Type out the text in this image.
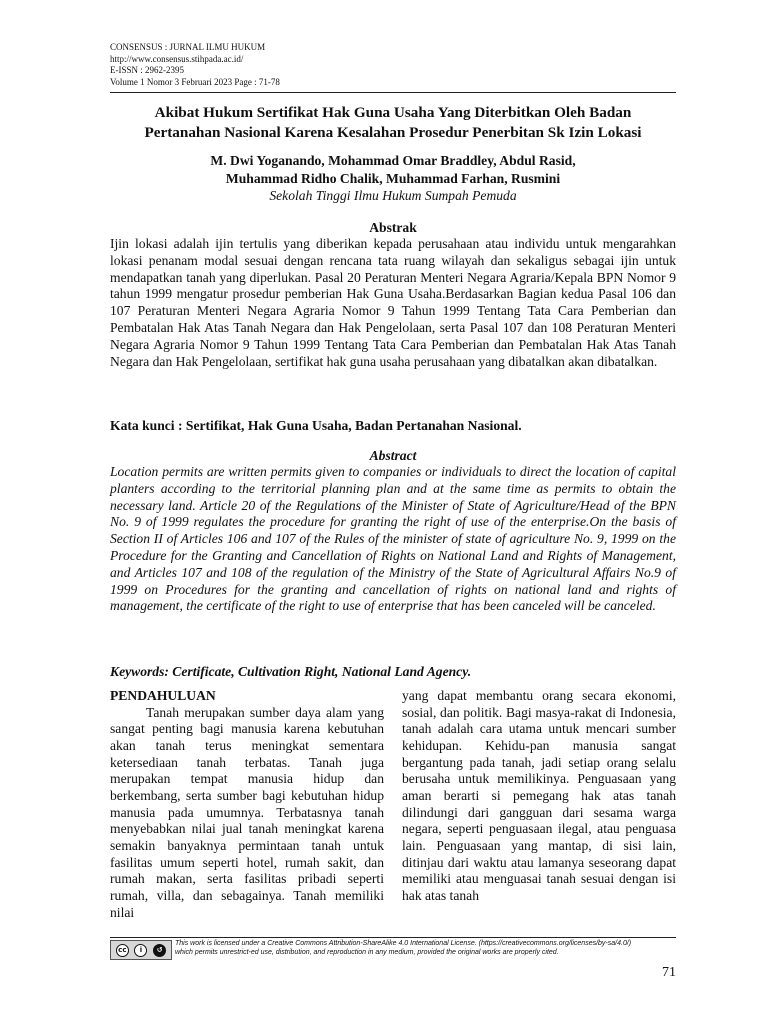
CONSENSUS : JURNAL ILMU HUKUM
http://www.consensus.stihpada.ac.id/
E-ISSN : 2962-2395
Volume 1 Nomor 3 Februari 2023 Page : 71-78
Akibat Hukum Sertifikat Hak Guna Usaha Yang Diterbitkan Oleh Badan
Pertanahan Nasional Karena Kesalahan Prosedur Penerbitan Sk Izin Lokasi
M. Dwi Yoganando, Mohammad Omar Braddley, Abdul Rasid,
Muhammad Ridho Chalik, Muhammad Farhan, Rusmini
Sekolah Tinggi Ilmu Hukum Sumpah Pemuda
Abstrak
Ijin lokasi adalah ijin tertulis yang diberikan kepada perusahaan atau individu untuk mengarahkan lokasi penanam modal sesuai dengan rencana tata ruang wilayah dan sekaligus sebagai ijin untuk mendapatkan tanah yang diperlukan. Pasal 20 Peraturan Menteri Negara Agraria/Kepala BPN Nomor 9 tahun 1999 mengatur prosedur pemberian Hak Guna Usaha.Berdasarkan Bagian kedua Pasal 106 dan 107 Peraturan Menteri Negara Agraria Nomor 9 Tahun 1999 Tentang Tata Cara Pemberian dan Pembatalan Hak Atas Tanah Negara dan Hak Pengelolaan, serta Pasal 107 dan 108 Peraturan Menteri Negara Agraria Nomor 9 Tahun 1999 Tentang Tata Cara Pemberian dan Pembatalan Hak Atas Tanah Negara dan Hak Pengelolaan, sertifikat hak guna usaha perusahaan yang dibatalkan akan dibatalkan.
Kata kunci : Sertifikat, Hak Guna Usaha, Badan Pertanahan Nasional.
Abstract
Location permits are written permits given to companies or individuals to direct the location of capital planters according to the territorial planning plan and at the same time as permits to obtain the necessary land. Article 20 of the Regulations of the Minister of State of Agriculture/Head of the BPN No. 9 of 1999 regulates the procedure for granting the right of use of the enterprise.On the basis of Section II of Articles 106 and 107 of the Rules of the minister of state of agriculture No. 9, 1999 on the Procedure for the Granting and Cancellation of Rights on National Land and Rights of Management, and Articles 107 and 108 of the regulation of the Ministry of the State of Agricultural Affairs No.9 of 1999 on Procedures for the granting and cancellation of rights on national land and rights of management, the certificate of the right to use of enterprise that has been canceled will be canceled.
Keywords: Certificate, Cultivation Right, National Land Agency.
PENDAHULUAN
Tanah merupakan sumber daya alam yang sangat penting bagi manusia karena kebutuhan akan tanah terus meningkat sementara ketersediaan tanah terbatas. Tanah juga merupakan tempat manusia hidup dan berkembang, serta sumber bagi kebutuhan hidup manusia pada umumnya. Terbatasnya tanah menyebabkan nilai jual tanah meningkat karena semakin banyaknya permintaan tanah untuk fasilitas umum seperti hotel, rumah sakit, dan rumah makan, serta fasilitas pribadi seperti rumah, villa, dan sebagainya. Tanah memiliki nilai
yang dapat membantu orang secara ekonomi, sosial, dan politik. Bagi masya-rakat di Indonesia, tanah adalah cara utama untuk mencari sumber kehidupan. Kehidu-pan manusia sangat bergantung pada tanah, jadi setiap orang selalu berusaha untuk memilikinya. Penguasaan yang aman berarti si pemegang hak atas tanah dilindungi dari gangguan dari sesama warga negara, seperti penguasaan ilegal, atau penguasa lain. Penguasaan yang mantap, di sisi lain, ditinjau dari waktu atau lamanya seseorang dapat memiliki atau menguasai tanah sesuai dengan isi hak atas tanah
cc	i	↺
This work is licensed under a Creative Commons Attribution-ShareAlike 4.0 International License. (https://creativecommons.org/licenses/by-sa/4.0/)
which permits unrestrict-ed use, distribution, and reproduction in any medium, provided the original works are properly cited.
71
